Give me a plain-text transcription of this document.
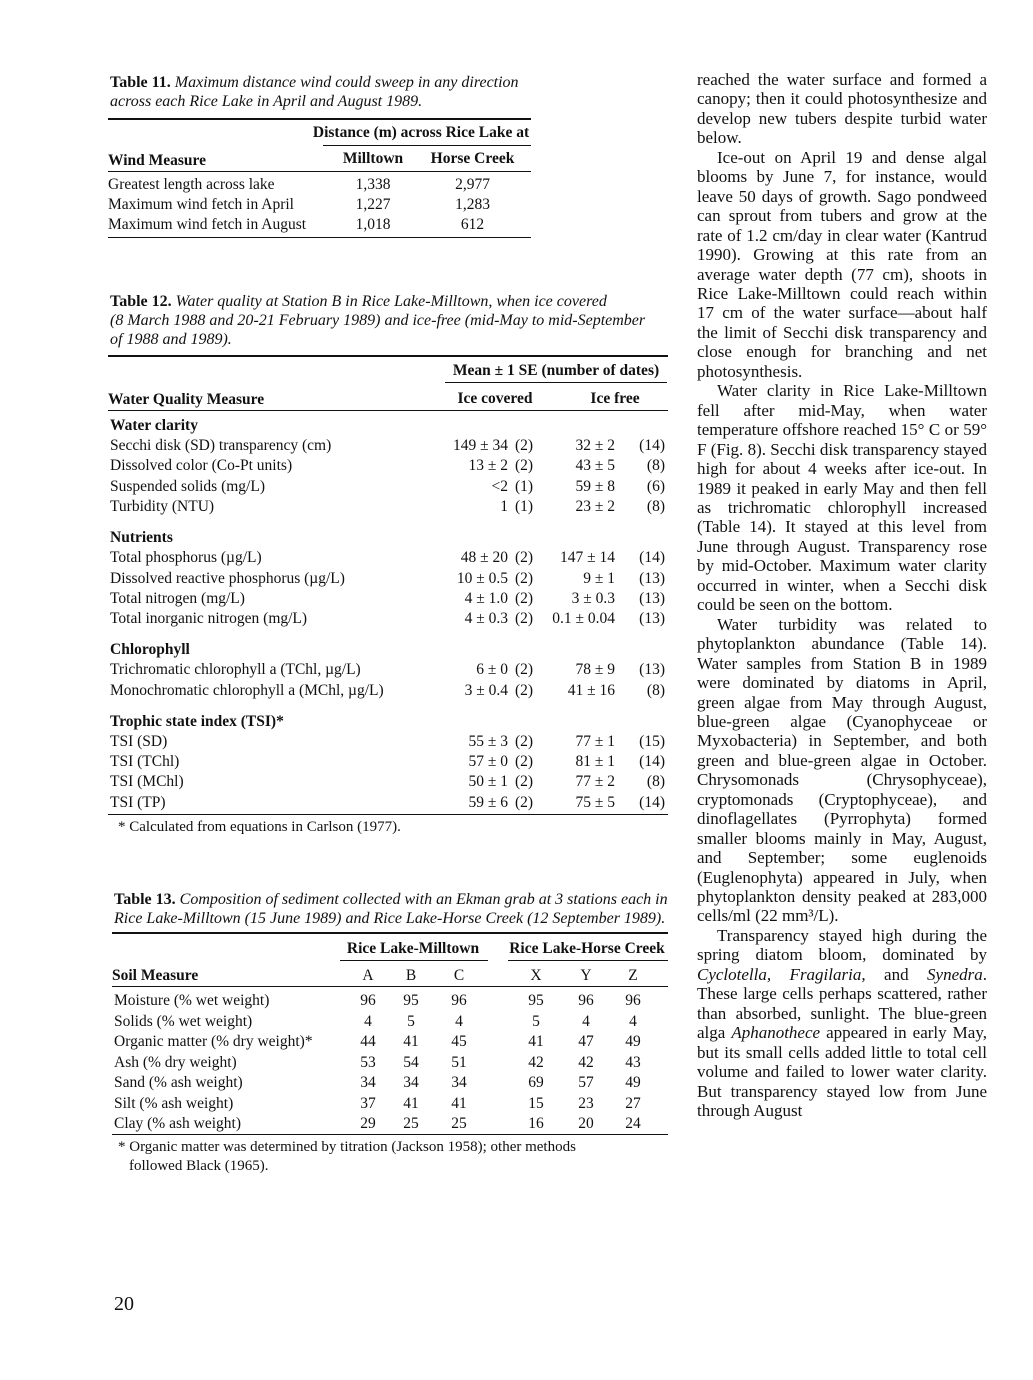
Table 11. Maximum distance wind could sweep in any direction
across each Rice Lake in April and August 1989.
Distance (m) across Rice Lake at
Wind Measure	Milltown	Horse Creek
Greatest length across lake	1,338	2,977
Maximum wind fetch in April	1,227	1,283
Maximum wind fetch in August	1,018	612
Table 12. Water quality at Station B in Rice Lake-Milltown, when ice covered
(8 March 1988 and 20-21 February 1989) and ice-free (mid-May to mid-September
of 1988 and 1989).
Mean ± 1 SE (number of dates)
Water Quality Measure	Ice covered	Ice free
Water clarity
Secchi disk (SD) transparency (cm)	149 ± 34 (2)	32 ± 2	(14)
Dissolved color (Co-Pt units)	13 ± 2 (2)	43 ± 5	(8)
Suspended solids (mg/L)	<2 (1)	59 ± 8	(6)
Turbidity (NTU)	1 (1)	23 ± 2	(8)
Nutrients
Total phosphorus (µg/L)	48 ± 20 (2)	147 ± 14	(14)
Dissolved reactive phosphorus (µg/L)	10 ± 0.5 (2)	9 ± 1	(13)
Total nitrogen (mg/L)	4 ± 1.0 (2)	3 ± 0.3	(13)
Total inorganic nitrogen (mg/L)	4 ± 0.3 (2)	0.1 ± 0.04	(13)
Chlorophyll
Trichromatic chlorophyll a (TChl, µg/L)	6 ± 0 (2)	78 ± 9	(13)
Monochromatic chlorophyll a (MChl, µg/L)	3 ± 0.4 (2)	41 ± 16	(8)
Trophic state index (TSI)*
TSI (SD)	55 ± 3 (2)	77 ± 1	(15)
TSI (TChl)	57 ± 0 (2)	81 ± 1	(14)
TSI (MChl)	50 ± 1 (2)	77 ± 2	(8)
TSI (TP)	59 ± 6 (2)	75 ± 5	(14)
* Calculated from equations in Carlson (1977).
Table 13. Composition of sediment collected with an Ekman grab at 3 stations each in
Rice Lake-Milltown (15 June 1989) and Rice Lake-Horse Creek (12 September 1989).
Rice Lake-Milltown	Rice Lake-Horse Creek
Soil Measure	A	B	C	X	Y	Z
Moisture (% wet weight)	96	95	96	95	96	96
Solids (% wet weight)	4	5	4	5	4	4
Organic matter (% dry weight)*	44	41	45	41	47	49
Ash (% dry weight)	53	54	51	42	42	43
Sand (% ash weight)	34	34	34	69	57	49
Silt (% ash weight)	37	41	41	15	23	27
Clay (% ash weight)	29	25	25	16	20	24
* Organic matter was determined by titration (Jackson 1958); other methods
followed Black (1965).

reached the water surface and formed a canopy; then it could photosynthesize and develop new tubers despite turbid water below.

Ice-out on April 19 and dense algal blooms by June 7, for instance, would leave 50 days of growth. Sago pondweed can sprout from tubers and grow at the rate of 1.2 cm/day in clear water (Kantrud 1990). Growing at this rate from an average water depth (77 cm), shoots in Rice Lake-Milltown could reach within 17 cm of the water surface—about half the limit of Secchi disk transparency and close enough for branching and net photosynthesis.

Water clarity in Rice Lake-Milltown fell after mid-May, when water temperature offshore reached 15° C or 59° F (Fig. 8). Secchi disk transparency stayed high for about 4 weeks after ice-out. In 1989 it peaked in early May and then fell as trichromatic chlorophyll increased (Table 14). It stayed at this level from June through August. Transparency rose by mid-October. Maximum water clarity occurred in winter, when a Secchi disk could be seen on the bottom.

Water turbidity was related to phytoplankton abundance (Table 14). Water samples from Station B in 1989 were dominated by diatoms in April, green algae from May through August, blue-green algae (Cyanophyceae or Myxobacteria) in September, and both green and blue-green algae in October. Chrysomonads (Chrysophyceae), cryptomonads (Cryptophyceae), and dinoflagellates (Pyrrophyta) formed smaller blooms mainly in May, August, and September; some euglenoids (Euglenophyta) appeared in July, when phytoplankton density peaked at 283,000 cells/ml (22 mm³/L).

Transparency stayed high during the spring diatom bloom, dominated by Cyclotella, Fragilaria, and Synedra. These large cells perhaps scattered, rather than absorbed, sunlight. The blue-green alga Aphanothece appeared in early May, but its small cells added little to total cell volume and failed to lower water clarity. But transparency stayed low from June through August

20
